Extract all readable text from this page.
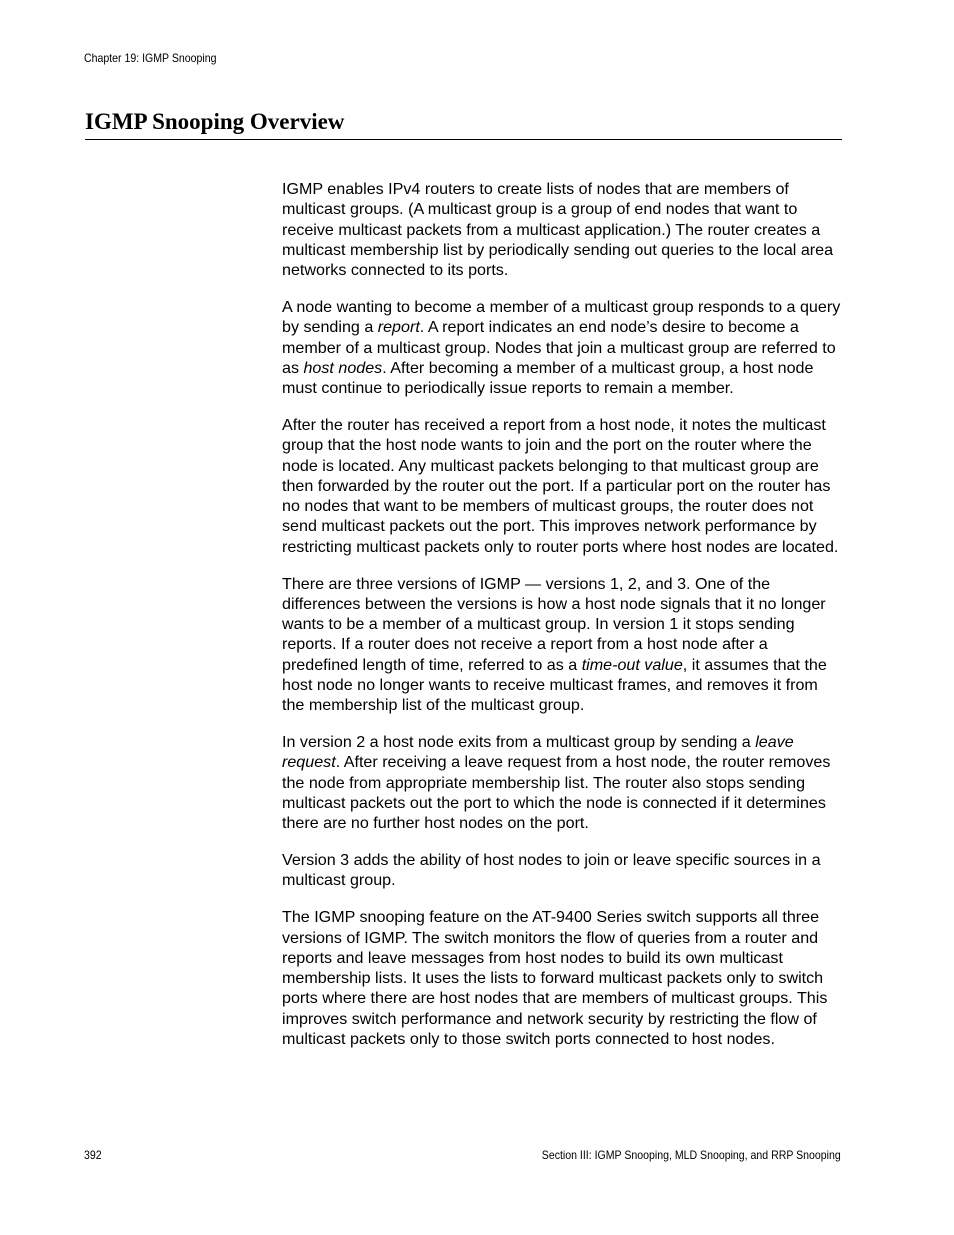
Chapter 19: IGMP Snooping
IGMP Snooping Overview

IGMP enables IPv4 routers to create lists of nodes that are members of multicast groups. (A multicast group is a group of end nodes that want to receive multicast packets from a multicast application.) The router creates a multicast membership list by periodically sending out queries to the local area networks connected to its ports.

A node wanting to become a member of a multicast group responds to a query by sending a report. A report indicates an end node’s desire to become a member of a multicast group. Nodes that join a multicast group are referred to as host nodes. After becoming a member of a multicast group, a host node must continue to periodically issue reports to remain a member.

After the router has received a report from a host node, it notes the multicast group that the host node wants to join and the port on the router where the node is located. Any multicast packets belonging to that multicast group are then forwarded by the router out the port. If a particular port on the router has no nodes that want to be members of multicast groups, the router does not send multicast packets out the port. This improves network performance by restricting multicast packets only to router ports where host nodes are located.

There are three versions of IGMP — versions 1, 2, and 3. One of the differences between the versions is how a host node signals that it no longer wants to be a member of a multicast group. In version 1 it stops sending reports. If a router does not receive a report from a host node after a predefined length of time, referred to as a time-out value, it assumes that the host node no longer wants to receive multicast frames, and removes it from the membership list of the multicast group.

In version 2 a host node exits from a multicast group by sending a leave request. After receiving a leave request from a host node, the router removes the node from appropriate membership list. The router also stops sending multicast packets out the port to which the node is connected if it determines there are no further host nodes on the port.

Version 3 adds the ability of host nodes to join or leave specific sources in a multicast group.

The IGMP snooping feature on the AT-9400 Series switch supports all three versions of IGMP. The switch monitors the flow of queries from a router and reports and leave messages from host nodes to build its own multicast membership lists. It uses the lists to forward multicast packets only to switch ports where there are host nodes that are members of multicast groups. This improves switch performance and network security by restricting the flow of multicast packets only to those switch ports connected to host nodes.

392	Section III: IGMP Snooping, MLD Snooping, and RRP Snooping
